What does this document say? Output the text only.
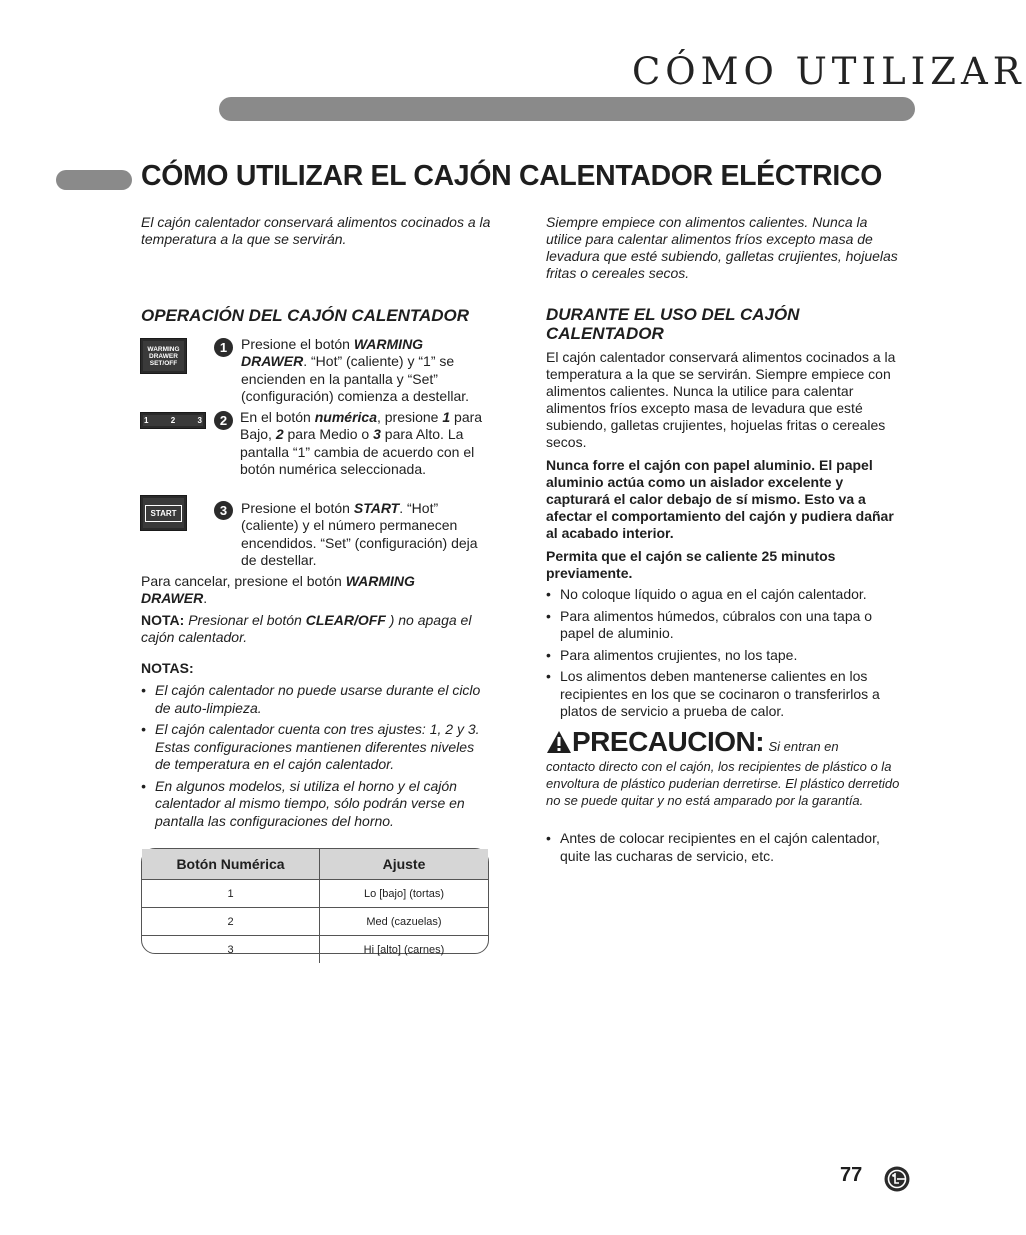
CÓMO UTILIZAR
CÓMO UTILIZAR EL CAJÓN CALENTADOR ELÉCTRICO

El cajón calentador conservará alimentos cocinados a la temperatura a la que se servirán.

Siempre empiece con alimentos calientes. Nunca la utilice para calentar alimentos fríos excepto masa de levadura que esté subiendo, galletas crujientes, hojuelas fritas o cereales secos.

OPERACIÓN DEL CAJÓN CALENTADOR
WARMING
DRAWER
SET/OFF
1 Presione el botón WARMING DRAWER. “Hot” (caliente) y “1” se encienden en la pantalla y “Set” (configuración) comienza a destellar.
1	2	3	2 En el botón numérica, presione 1 para Bajo, 2 para Medio o 3 para Alto. La pantalla “1” cambia de acuerdo con el botón numérica seleccionada.
START	3 Presione el botón START. “Hot” (caliente) y el número permanecen encendidos. “Set” (configuración) deja de destellar.

Para cancelar, presione el botón WARMING DRAWER.

NOTA: Presionar el botón CLEAR/OFF ) no apaga el cajón calentador.

NOTAS:

• El cajón calentador no puede usarse durante el ciclo de auto-limpieza.
• El cajón calentador cuenta con tres ajustes: 1, 2 y 3. Estas configuraciones mantienen diferentes niveles de temperatura en el cajón calentador.
• En algunos modelos, si utiliza el horno y el cajón calentador al mismo tiempo, sólo podrán verse en pantalla las configuraciones del horno.
Botón Numérica	Ajuste
1	Lo [bajo] (tortas)
2	Med (cazuelas)
3	Hi [alto] (carnes)
DURANTE EL USO DEL CAJÓN
CALENTADOR

El cajón calentador conservará alimentos cocinados a la temperatura a la que se servirán. Siempre empiece con alimentos calientes. Nunca la utilice para calentar alimentos fríos excepto masa de levadura que esté subiendo, galletas crujientes, hojuelas fritas o cereales secos.

Nunca forre el cajón con papel aluminio. El papel aluminio actúa como un aislador excelente y capturará el calor debajo de sí mismo. Esto va a afectar el comportamiento del cajón y pudiera dañar al acabado interior.

Permita que el cajón se caliente 25 minutos previamente.

• No coloque líquido o agua en el cajón calentador.
• Para alimentos húmedos, cúbralos con una tapa o papel de aluminio.
• Para alimentos crujientes, no los tape.
• Los alimentos deben mantenerse calientes en los recipientes en los que se cocinaron o transferirlos a platos de servicio a prueba de calor.
PRECAUCION: Si entran en

contacto directo con el cajón, los recipientes de plástico o la envoltura de plástico puderian derretirse. El plástico derretido no se puede quitar y no está amparado por la garantía.

• Antes de colocar recipientes en el cajón calentador, quite las cucharas de servicio, etc.
77
